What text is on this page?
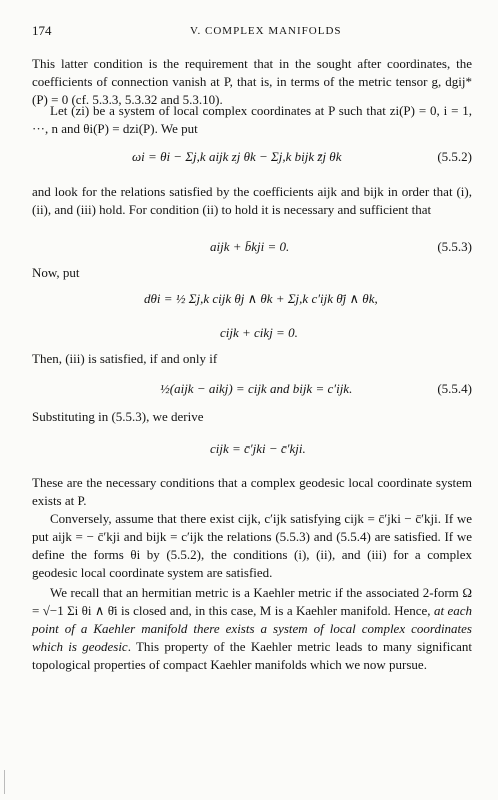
174	V. COMPLEX MANIFOLDS
This latter condition is the requirement that in the sought after coordinates, the coefficients of connection vanish at P, that is, in terms of the metric tensor g, dgij*(P) = 0 (cf. 5.3.3, 5.3.32 and 5.3.10).
Let (zi) be a system of local complex coordinates at P such that zi(P) = 0, i = 1, ···, n and θi(P) = dzi(P). We put
ωi = θi − Σj,k aijk zj θk − Σj,k bijk z̄j θk	(5.5.2)
and look for the relations satisfied by the coefficients aijk and bijk in order that (i), (ii), and (iii) hold. For condition (ii) to hold it is necessary and sufficient that
aijk + b̄kji = 0.	(5.5.3)
Now, put
dθi = ½ Σj,k cijk θj ∧ θk + Σj,k c′ijk θ̄j ∧ θk,
cijk + cikj = 0.
Then, (iii) is satisfied, if and only if
½(aijk − aikj) = cijk and bijk = c′ijk.	(5.5.4)
Substituting in (5.5.3), we derive
cijk = c̄′jki − c̄′kji.
These are the necessary conditions that a complex geodesic local coordinate system exists at P.
Conversely, assume that there exist cijk, c′ijk satisfying cijk = c̄′jki − c̄′kji. If we put aijk = − c̄′kji and bijk = c′ijk the relations (5.5.3) and (5.5.4) are satisfied. If we define the forms θi by (5.5.2), the conditions (i), (ii), and (iii) for a complex geodesic local coordinate system are satisfied.
We recall that an hermitian metric is a Kaehler metric if the associated 2-form Ω = √−1 Σi θi ∧ θ̄i is closed and, in this case, M is a Kaehler manifold. Hence, at each point of a Kaehler manifold there exists a system of local complex coordinates which is geodesic. This property of the Kaehler metric leads to many significant topological properties of compact Kaehler manifolds which we now pursue.
